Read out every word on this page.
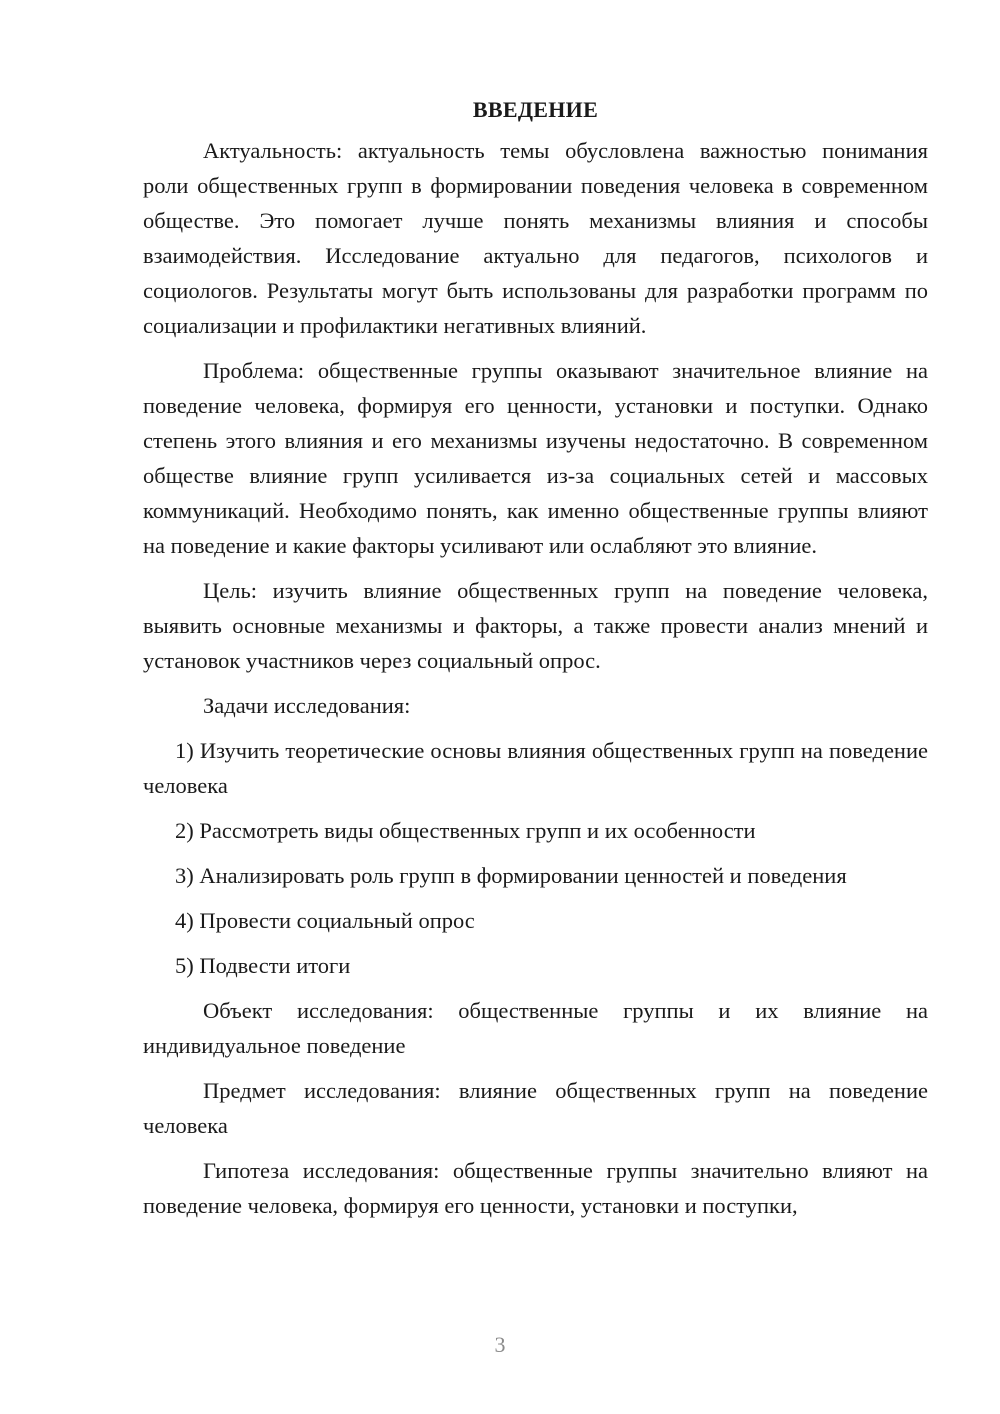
ВВЕДЕНИЕ

Актуальность: актуальность темы обусловлена важностью понимания роли общественных групп в формировании поведения человека в современном обществе. Это помогает лучше понять механизмы влияния и способы взаимодействия. Исследование актуально для педагогов, психологов и социологов. Результаты могут быть использованы для разработки программ по социализации и профилактики негативных влияний.

Проблема: общественные группы оказывают значительное влияние на поведение человека, формируя его ценности, установки и поступки. Однако степень этого влияния и его механизмы изучены недостаточно. В современном обществе влияние групп усиливается из-за социальных сетей и массовых коммуникаций. Необходимо понять, как именно общественные группы влияют на поведение и какие факторы усиливают или ослабляют это влияние.

Цель: изучить влияние общественных групп на поведение человека, выявить основные механизмы и факторы, а также провести анализ мнений и установок участников через социальный опрос.

Задачи исследования:

1) Изучить теоретические основы влияния общественных групп на поведение человека

2) Рассмотреть виды общественных групп и их особенности

3) Анализировать роль групп в формировании ценностей и поведения

4) Провести социальный опрос

5) Подвести итоги

Объект исследования: общественные группы и их влияние на индивидуальное поведение

Предмет исследования: влияние общественных групп на поведение человека

Гипотеза исследования: общественные группы значительно влияют на поведение человека, формируя его ценности, установки и поступки,

3
